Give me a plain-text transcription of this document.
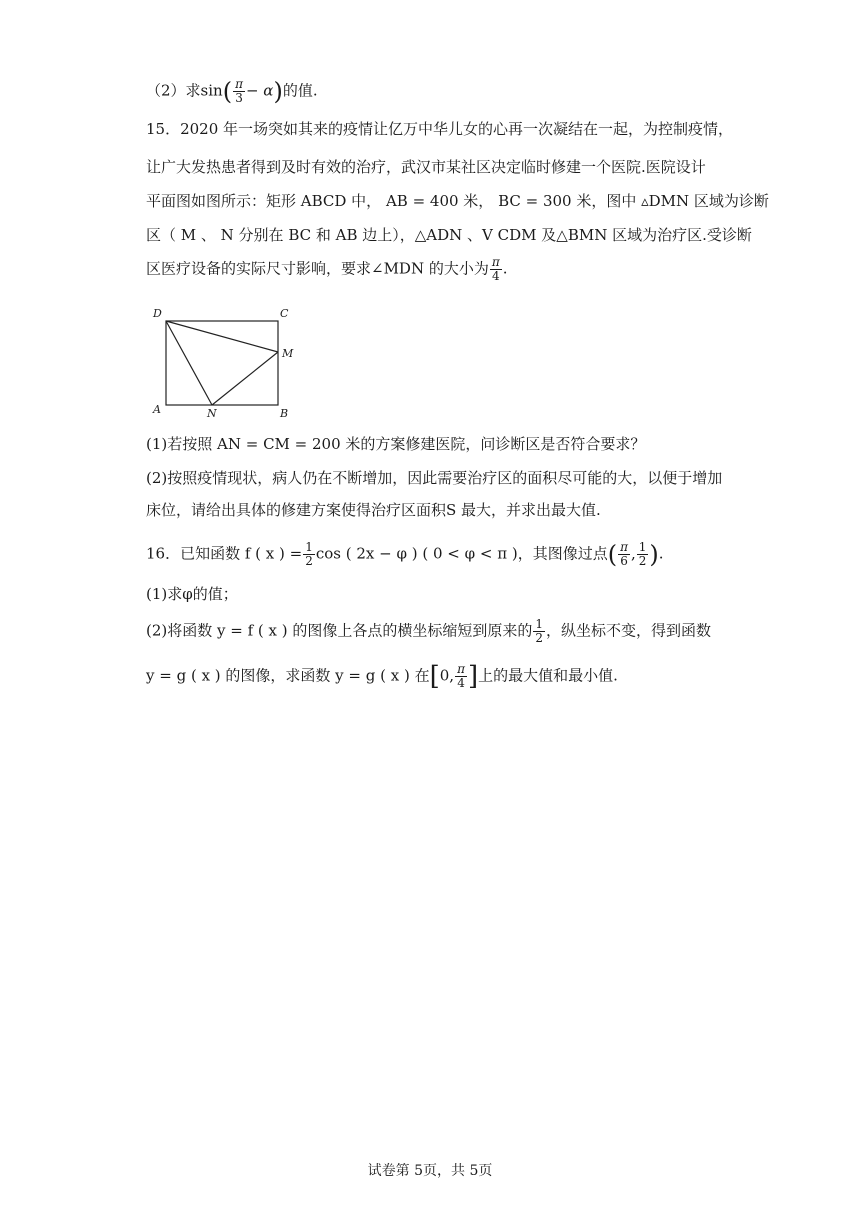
（2）求$\sin( \frac{\pi}{3} - \alpha)$的值.
15．2020 年一场突如其来的疫情让亿万中华儿女的心再一次凝结在一起，为控制疫情，
让广大发热患者得到及时有效的治疗，武汉市某社区决定临时修建一个医院.医院设计
平面图如图所示：矩形 ABCD 中， AB = 400 米， BC = 300 米，图中 ▵DMN 区域为诊断
区（ M 、 N 分别在 BC 和 AB 边上），△ADN 、V CDM 及△BMN 区域为治疗区.受诊断
区医疗设备的实际尺寸影响，要求∠MDN 的大小为 $\frac{\pi}{4}$ .
D	C
M
A	N	B
(1)若按照 AN = CM = 200 米的方案修建医院，问诊断区是否符合要求？
(2)按照疫情现状，病人仍在不断增加，因此需要治疗区的面积尽可能的大，以便于增加
床位，请给出具体的修建方案使得治疗区面积S 最大，并求出最大值.
16．已知函数 f ( x ) = $\frac{1}{2}$ cos ( 2x − φ ) ( 0 < φ < π )，其图像过点( $\frac{\pi}{6}$ , $\frac{1}{2}$ ).
(1)求φ的值；
(2)将函数 y = f ( x ) 的图像上各点的横坐标缩短到原来的 $\frac{1}{2}$ ，纵坐标不变，得到函数
y = g ( x ) 的图像，求函数 y = g ( x ) 在[0, $\frac{\pi}{4}$ ]上的最大值和最小值.
试卷第 5页，共 5页
